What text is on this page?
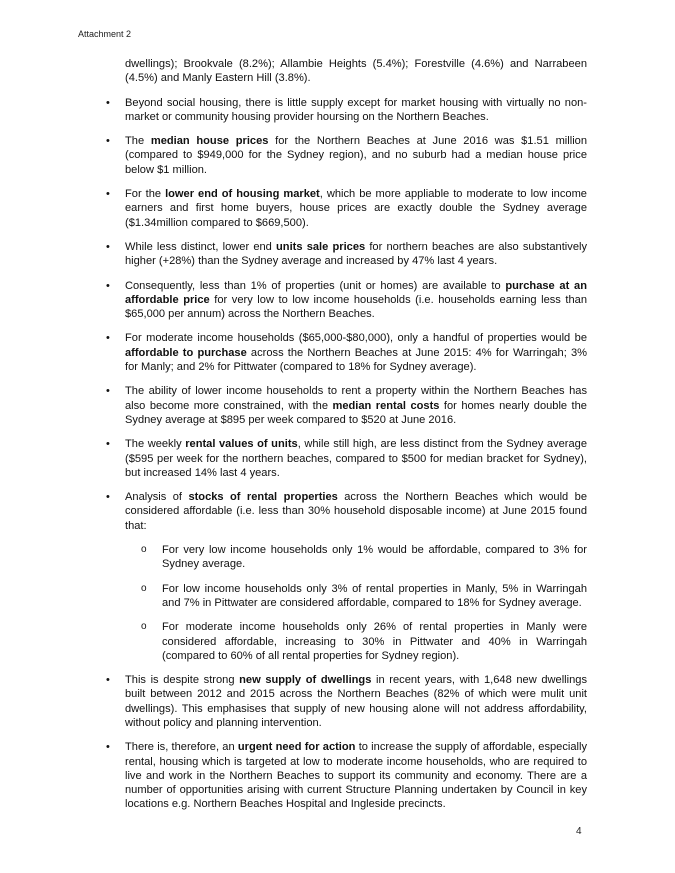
Attachment 2

dwellings); Brookvale (8.2%); Allambie Heights (5.4%); Forestville (4.6%) and Narrabeen (4.5%) and Manly Eastern Hill (3.8%).

• Beyond social housing, there is little supply except for market housing with virtually no non-market or community housing provider hoursing on the Northern Beaches.
• The median house prices for the Northern Beaches at June 2016 was $1.51 million (compared to $949,000 for the Sydney region), and no suburb had a median house price below $1 million.
• For the lower end of housing market, which be more appliable to moderate to low income earners and first home buyers, house prices are exactly double the Sydney average ($1.34million compared to $669,500).
• While less distinct, lower end units sale prices for northern beaches are also substantively higher (+28%) than the Sydney average and increased by 47% last 4 years.
• Consequently, less than 1% of properties (unit or homes) are available to purchase at an affordable price for very low to low income households (i.e. households earning less than $65,000 per annum) across the Northern Beaches.
• For moderate income households ($65,000-$80,000), only a handful of properties would be affordable to purchase across the Northern Beaches at June 2015: 4% for Warringah; 3% for Manly; and 2% for Pittwater (compared to 18% for Sydney average).
• The ability of lower income households to rent a property within the Northern Beaches has also become more constrained, with the median rental costs for homes nearly double the Sydney average at $895 per week compared to $520 at June 2016.
• The weekly rental values of units, while still high, are less distinct from the Sydney average ($595 per week for the northern beaches, compared to $500 for median bracket for Sydney), but increased 14% last 4 years.
• Analysis of stocks of rental properties across the Northern Beaches which would be considered affordable (i.e. less than 30% household disposable income) at June 2015 found that:
o For very low income households only 1% would be affordable, compared to 3% for Sydney average.
o For low income households only 3% of rental properties in Manly, 5% in Warringah and 7% in Pittwater are considered affordable, compared to 18% for Sydney average.
o For moderate income households only 26% of rental properties in Manly were considered affordable, increasing to 30% in Pittwater and 40% in Warringah (compared to 60% of all rental properties for Sydney region).
• This is despite strong new supply of dwellings in recent years, with 1,648 new dwellings built between 2012 and 2015 across the Northern Beaches (82% of which were mulit unit dwellings). This emphasises that supply of new housing alone will not address affordability, without policy and planning intervention.
• There is, therefore, an urgent need for action to increase the supply of affordable, especially rental, housing which is targeted at low to moderate income households, who are required to live and work in the Northern Beaches to support its community and economy. There are a number of opportunities arising with current Structure Planning undertaken by Council in key locations e.g. Northern Beaches Hospital and Ingleside precincts.
4
